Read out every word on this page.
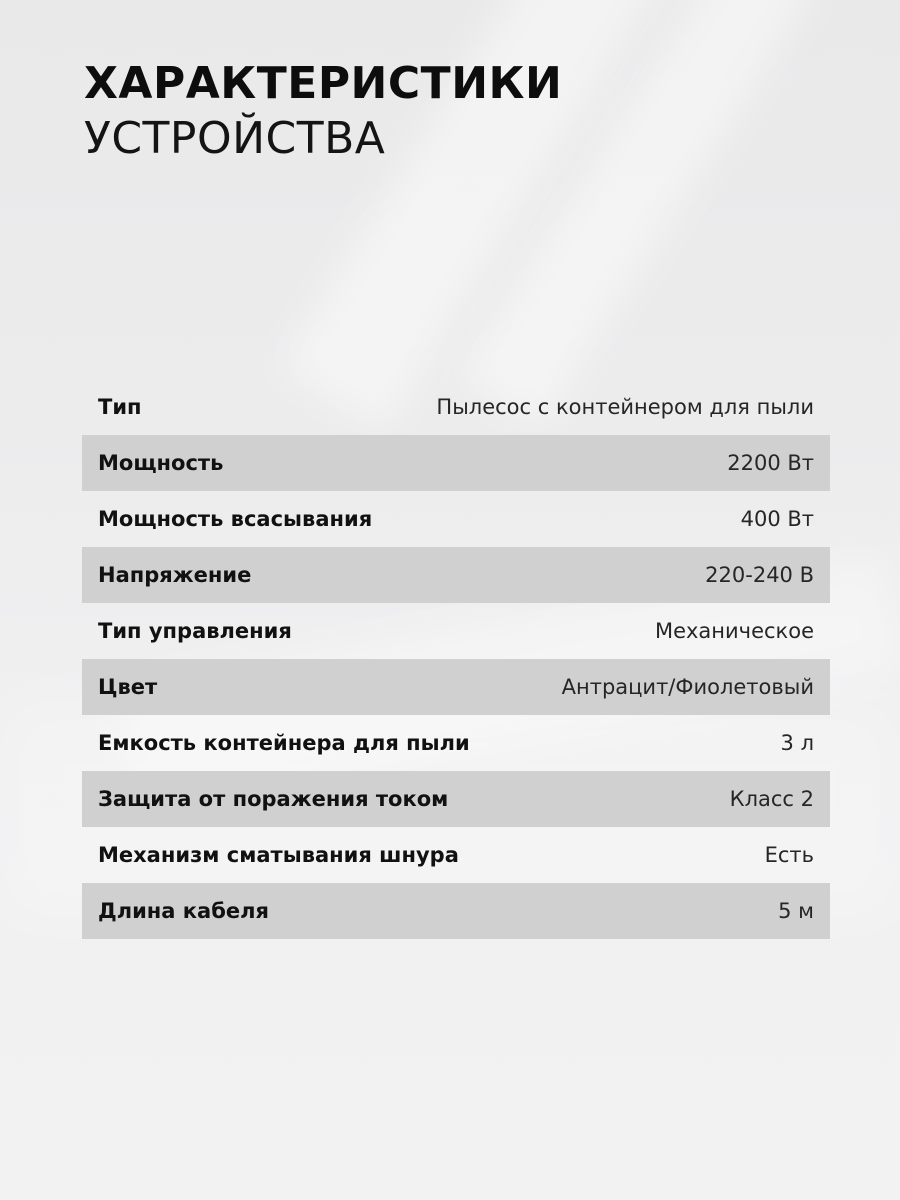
ХАРАКТЕРИСТИКИ
УСТРОЙСТВА
Тип	Пылесос с контейнером для пыли
Мощность	2200 Вт
Мощность всасывания	400 Вт
Напряжение	220-240 В
Тип управления	Механическое
Цвет	Антрацит/Фиолетовый
Емкость контейнера для пыли	3 л
Защита от поражения током	Класс 2
Механизм сматывания шнура	Есть
Длина кабеля	5 м
